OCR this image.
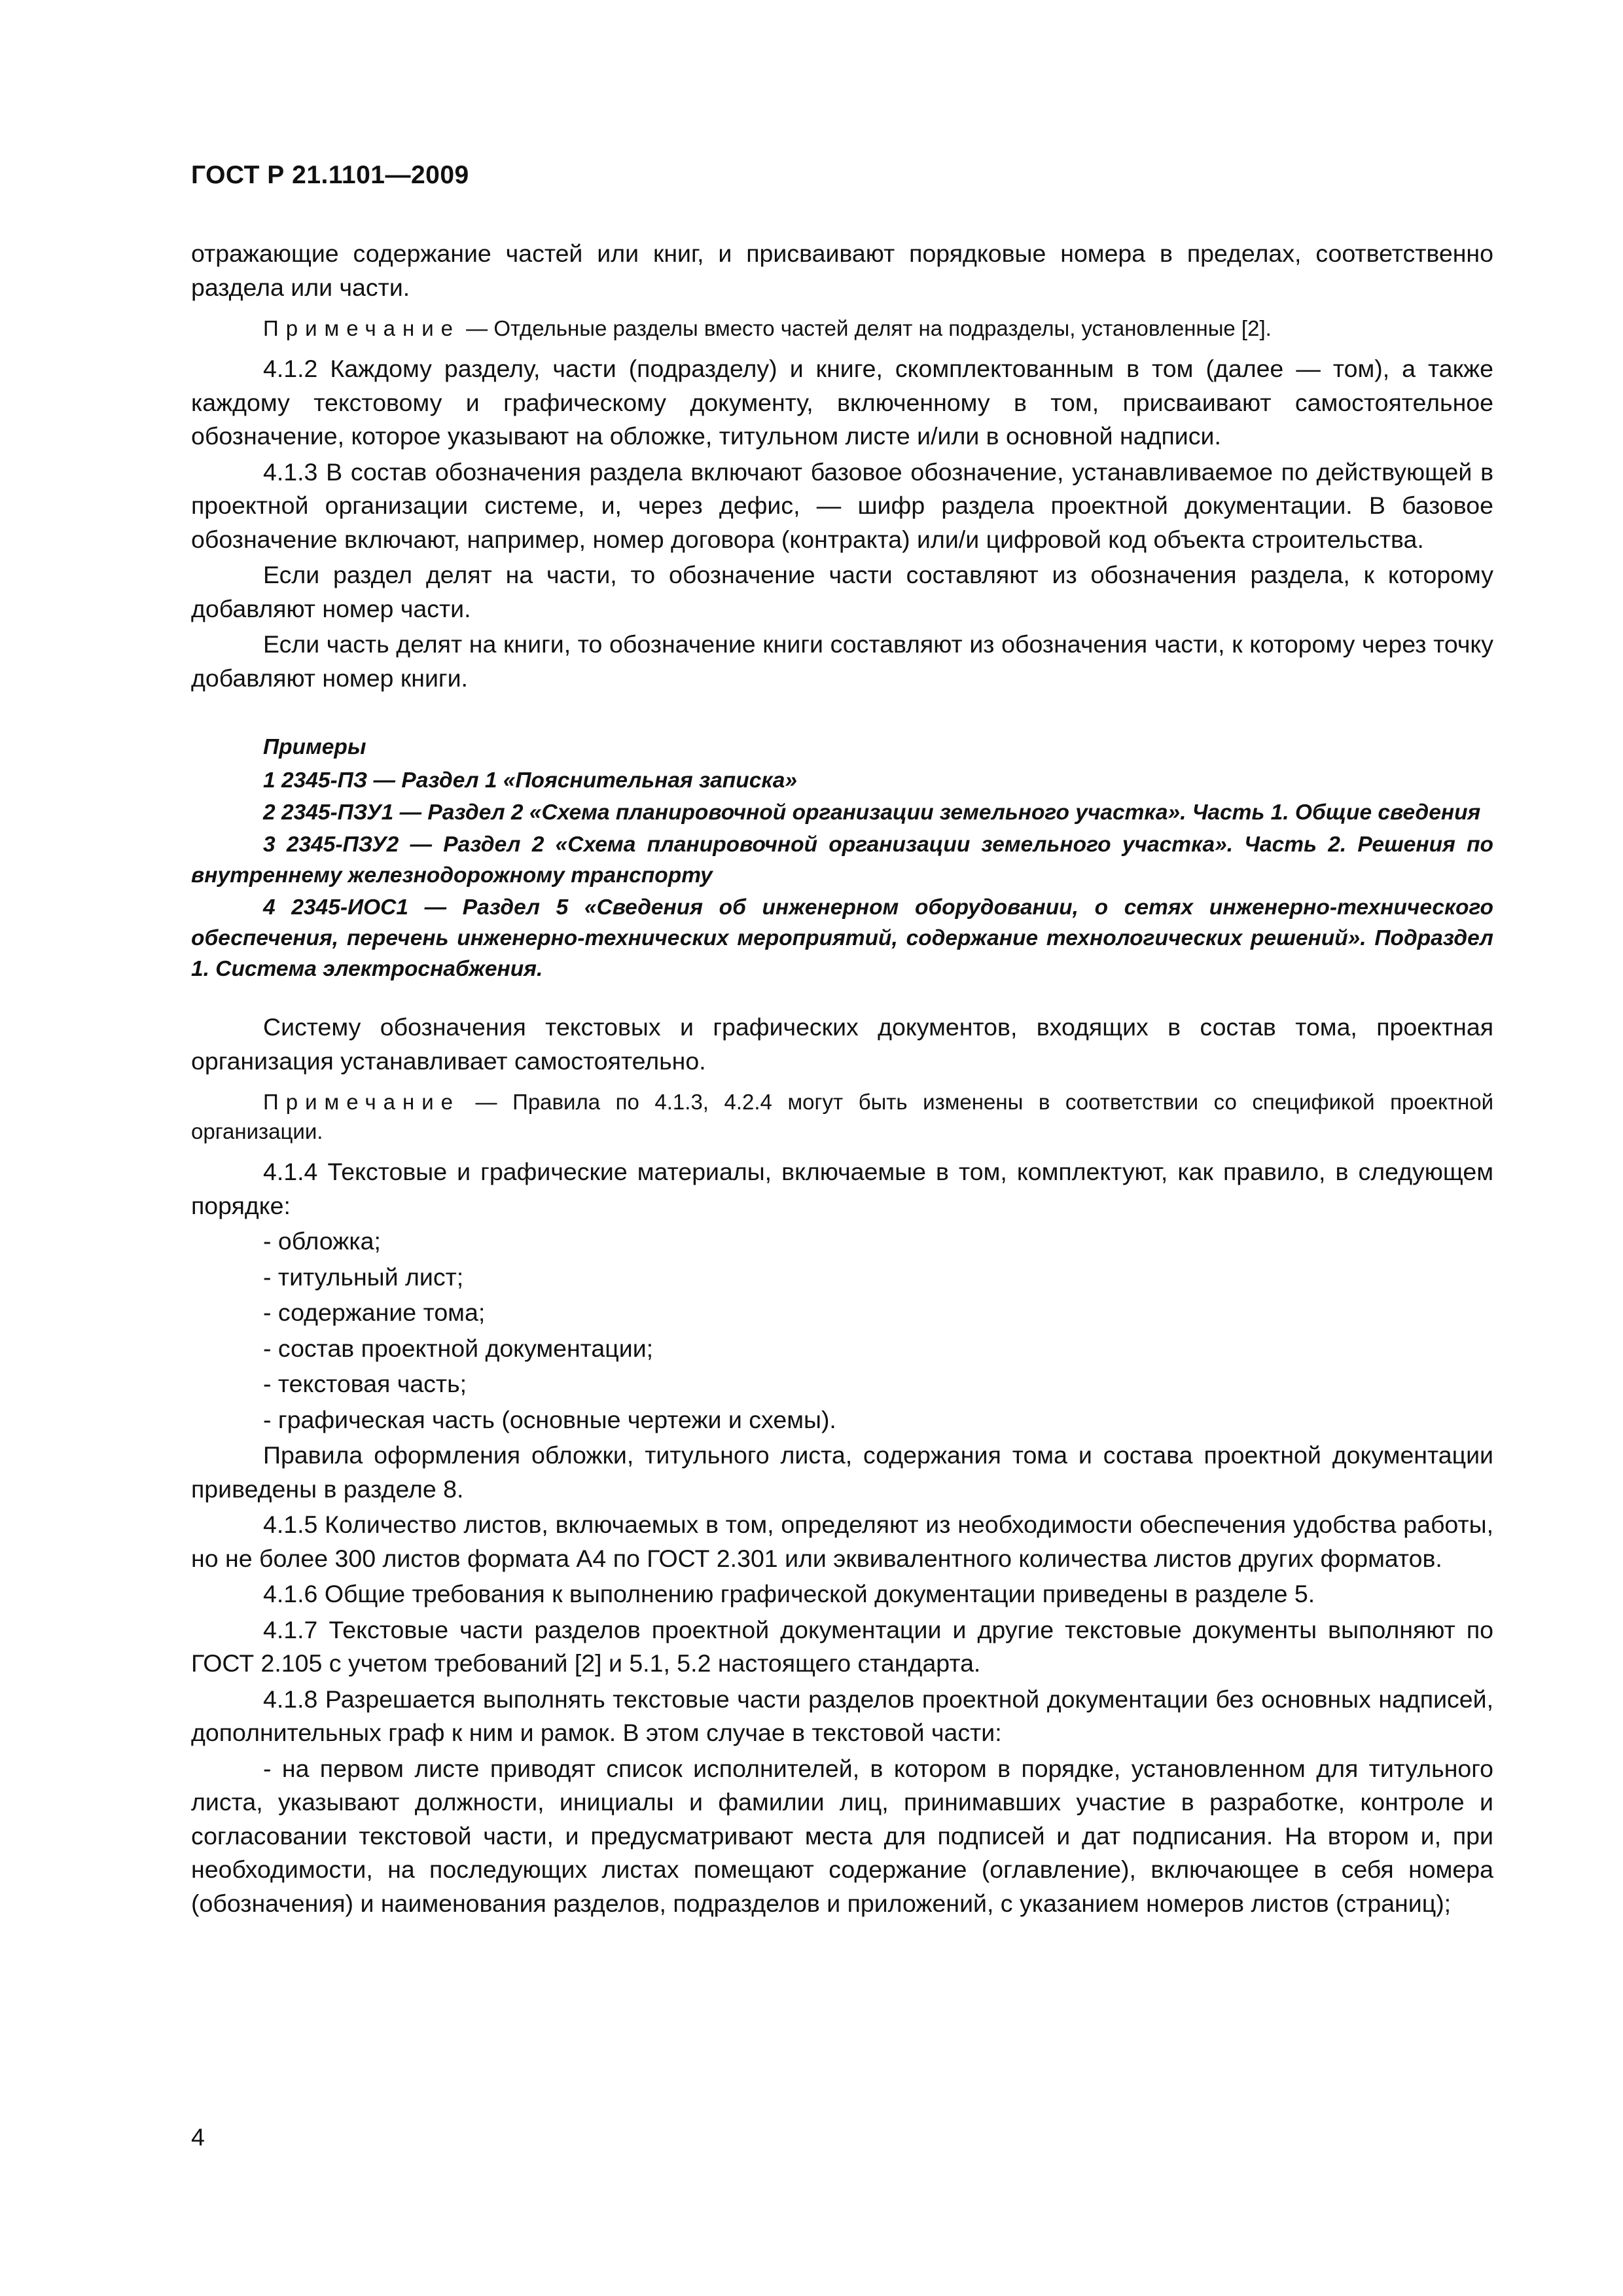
ГОСТ Р 21.1101—2009
отражающие содержание частей или книг, и присваивают порядковые номера в пределах, соответственно раздела или части.
Примечание — Отдельные разделы вместо частей делят на подразделы, установленные [2].
4.1.2 Каждому разделу, части (подразделу) и книге, скомплектованным в том (далее — том), а также каждому текстовому и графическому документу, включенному в том, присваивают самостоятельное обозначение, которое указывают на обложке, титульном листе и/или в основной надписи.
4.1.3 В состав обозначения раздела включают базовое обозначение, устанавливаемое по действующей в проектной организации системе, и, через дефис, — шифр раздела проектной документации. В базовое обозначение включают, например, номер договора (контракта) или/и цифровой код объекта строительства.
Если раздел делят на части, то обозначение части составляют из обозначения раздела, к которому добавляют номер части.
Если часть делят на книги, то обозначение книги составляют из обозначения части, к которому через точку добавляют номер книги.
Примеры
1 2345-ПЗ — Раздел 1 «Пояснительная записка»
2 2345-ПЗУ1 — Раздел 2 «Схема планировочной организации земельного участка». Часть 1. Общие сведения
3 2345-ПЗУ2 — Раздел 2 «Схема планировочной организации земельного участка». Часть 2. Решения по внутреннему железнодорожному транспорту
4 2345-ИОС1 — Раздел 5 «Сведения об инженерном оборудовании, о сетях инженерно-технического обеспечения, перечень инженерно-технических мероприятий, содержание технологических решений». Подраздел 1. Система электроснабжения.
Систему обозначения текстовых и графических документов, входящих в состав тома, проектная организация устанавливает самостоятельно.
Примечание — Правила по 4.1.3, 4.2.4 могут быть изменены в соответствии со спецификой проектной организации.
4.1.4 Текстовые и графические материалы, включаемые в том, комплектуют, как правило, в следующем порядке:
- обложка;
- титульный лист;
- содержание тома;
- состав проектной документации;
- текстовая часть;
- графическая часть (основные чертежи и схемы).
Правила оформления обложки, титульного листа, содержания тома и состава проектной документации приведены в разделе 8.
4.1.5 Количество листов, включаемых в том, определяют из необходимости обеспечения удобства работы, но не более 300 листов формата А4 по ГОСТ 2.301 или эквивалентного количества листов других форматов.
4.1.6 Общие требования к выполнению графической документации приведены в разделе 5.
4.1.7 Текстовые части разделов проектной документации и другие текстовые документы выполняют по ГОСТ 2.105 с учетом требований [2] и 5.1, 5.2 настоящего стандарта.
4.1.8 Разрешается выполнять текстовые части разделов проектной документации без основных надписей, дополнительных граф к ним и рамок. В этом случае в текстовой части:
- на первом листе приводят список исполнителей, в котором в порядке, установленном для титульного листа, указывают должности, инициалы и фамилии лиц, принимавших участие в разработке, контроле и согласовании текстовой части, и предусматривают места для подписей и дат подписания. На втором и, при необходимости, на последующих листах помещают содержание (оглавление), включающее в себя номера (обозначения) и наименования разделов, подразделов и приложений, с указанием номеров листов (страниц);
4
